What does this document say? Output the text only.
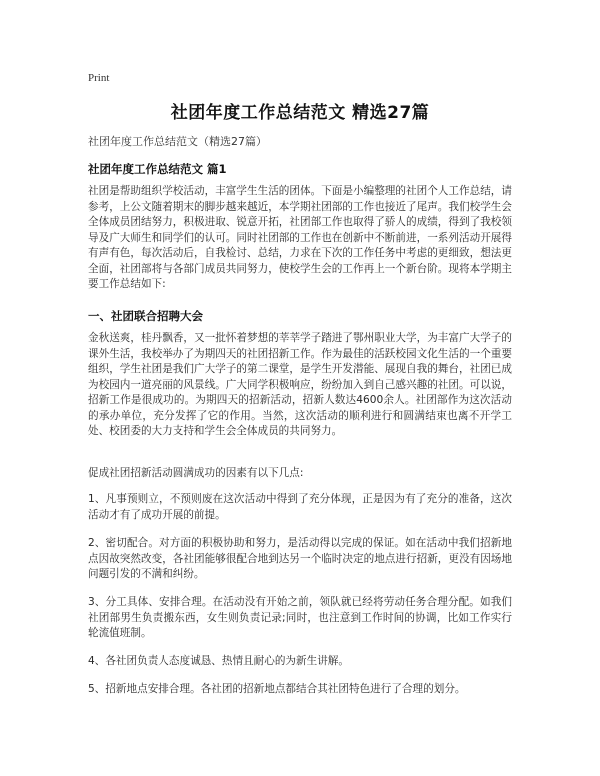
Print
社团年度工作总结范文 精选27篇
社团年度工作总结范文（精选27篇）
社团年度工作总结范文 篇1

社团是帮助组织学校活动，丰富学生生活的团体。下面是小编整理的社团个人工作总结，请参考，上公文随着期末的脚步越来越近，本学期社团部的工作也接近了尾声。我们校学生会全体成员团结努力，积极进取、锐意开拓，社团部工作也取得了骄人的成绩，得到了我校领导及广大师生和同学们的认可。同时社团部的工作也在创新中不断前进，一系列活动开展得有声有色，每次活动后，自我检讨、总结，力求在下次的工作任务中考虑的更细致，想法更全面，社团部将与各部门成员共同努力，使校学生会的工作再上一个新台阶。现将本学期主要工作总结如下:

一、社团联合招聘大会

金秋送爽，桂丹飘香，又一批怀着梦想的莘莘学子踏进了鄂州职业大学，为丰富广大学子的课外生活，我校举办了为期四天的社团招新工作。作为最佳的活跃校园文化生活的一个重要组织，学生社团是我们广大学子的第二课堂，是学生开发潜能、展现自我的舞台，社团已成为校园内一道亮丽的风景线。广大同学积极响应，纷纷加入到自己感兴趣的社团。可以说，招新工作是很成功的。为期四天的招新活动，招新人数达4600余人。社团部作为这次活动的承办单位，充分发挥了它的作用。当然，这次活动的顺利进行和圆满结束也离不开学工处、校团委的大力支持和学生会全体成员的共同努力。

促成社团招新活动圆满成功的因素有以下几点:

1、凡事预则立，不预则废在这次活动中得到了充分体现，正是因为有了充分的准备，这次活动才有了成功开展的前提。

2、密切配合。对方面的积极协助和努力，是活动得以完成的保证。如在活动中我们招新地点因故突然改变，各社团能够很配合地到达另一个临时决定的地点进行招新，更没有因场地问题引发的不满和纠纷。

3、分工具体、安排合理。在活动没有开始之前，领队就已经将劳动任务合理分配。如我们社团部男生负责搬东西，女生则负责记录;同时，也注意到工作时间的协调，比如工作实行轮流值班制。

4、各社团负责人态度诚恳、热情且耐心的为新生讲解。

5、招新地点安排合理。各社团的招新地点都结合其社团特色进行了合理的划分。
